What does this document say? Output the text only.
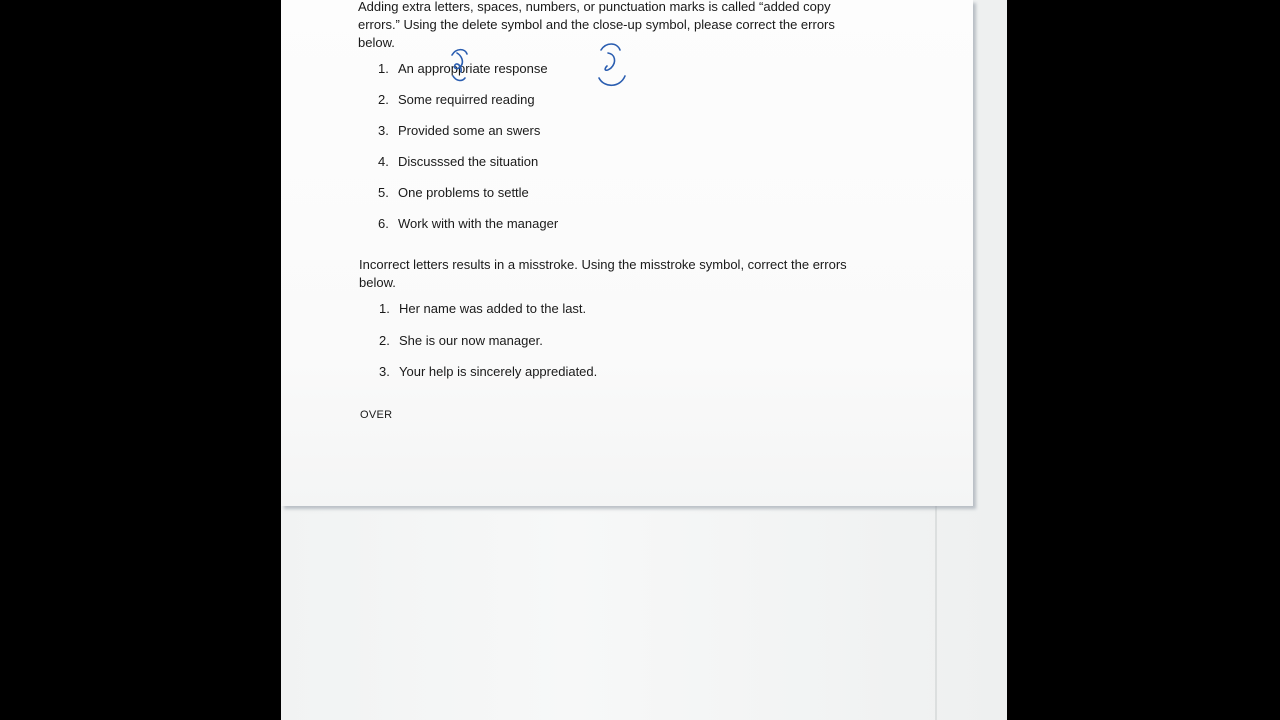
Adding extra letters, spaces, numbers, or punctuation marks is called “added copy errors.” Using the delete symbol and the close-up symbol, please correct the errors below.

1. An approppriate response
2. Some requirred reading
3. Provided some an swers
4. Discusssed the situation
5. One problems to settle
6. Work with with the manager

Incorrect letters results in a misstroke. Using the misstroke symbol, correct the errors below.

1. Her name was added to the last.
2. She is our now manager.
3. Your help is sincerely apprediated.
OVER
